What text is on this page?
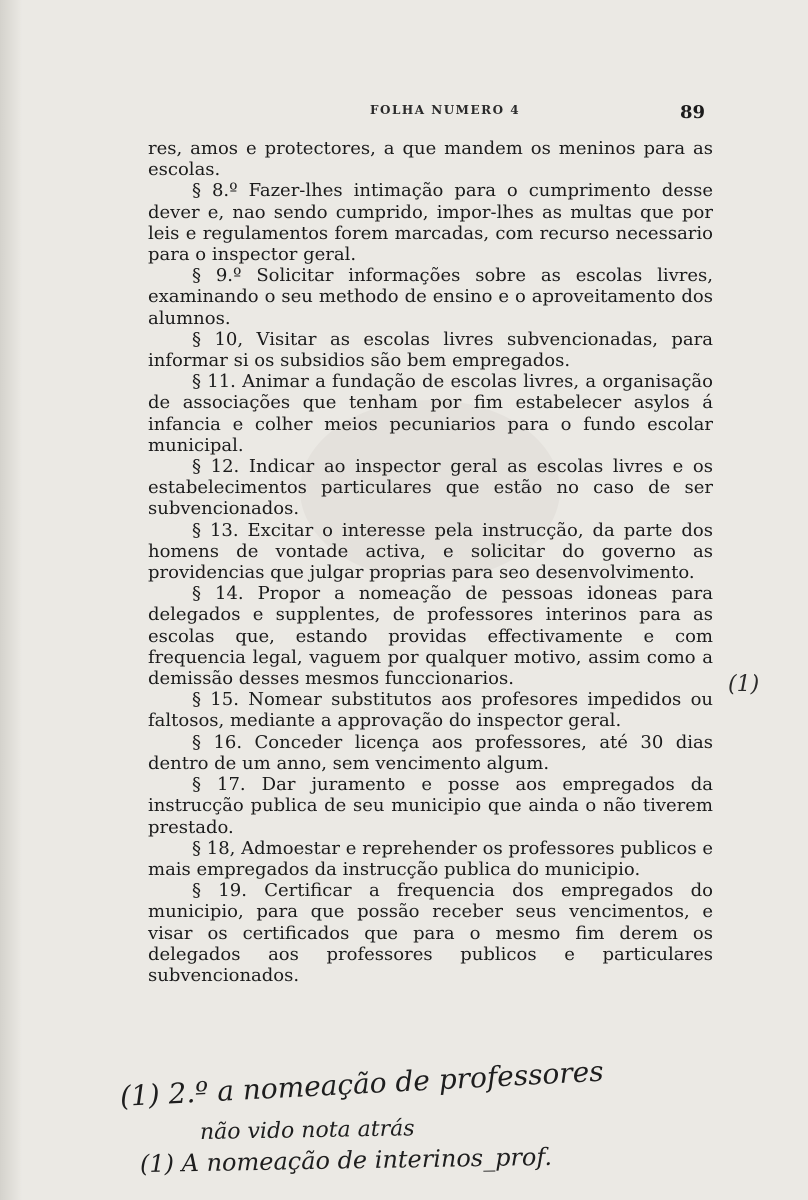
FOLHA NUMERO 4	89

res, amos e protectores, a que mandem os meninos para as escolas.

§ 8.º Fazer-lhes intimação para o cumprimento desse dever e, nao sendo cumprido, impor-lhes as multas que por leis e regulamentos forem marcadas, com recurso necessario para o inspector geral.

§ 9.º Solicitar informações sobre as escolas livres, examinando o seu methodo de ensino e o aproveitamento dos alumnos.

§ 10, Visitar as escolas livres subvencionadas, para informar si os subsidios são bem empregados.

§ 11. Animar a fundação de escolas livres, a organisação de associações que tenham por fim estabelecer asylos á infancia e colher meios pecuniarios para o fundo escolar municipal.

§ 12. Indicar ao inspector geral as escolas livres e os estabelecimentos particulares que estão no caso de ser subvencionados.

§ 13. Excitar o interesse pela instrucção, da parte dos homens de vontade activa, e solicitar do governo as providencias que julgar proprias para seo desenvolvimento.

§ 14. Propor a nomeação de pessoas idoneas para delegados e supplentes, de professores interinos para as escolas que, estando providas effectivamente e com frequencia legal, vaguem por qualquer motivo, assim como a demissão desses mesmos funccionarios.

§ 15. Nomear substitutos aos profesores impedidos ou faltosos, mediante a approvação do inspector geral.

§ 16. Conceder licença aos professores, até 30 dias dentro de um anno, sem vencimento algum.

§ 17. Dar juramento e posse aos empregados da instrucção publica de seu municipio que ainda o não tiverem prestado.

§ 18, Admoestar e reprehender os professores publicos e mais empregados da instrucção publica do municipio.

§ 19. Certificar a frequencia dos empregados do municipio, para que possão receber seus vencimentos, e visar os certificados que para o mesmo fim derem os delegados aos professores publicos e particulares subvencionados.

(1)
(1) 2.º a nomeação de professores
não vido nota atrás
(1) A nomeação de interinos_prof.
